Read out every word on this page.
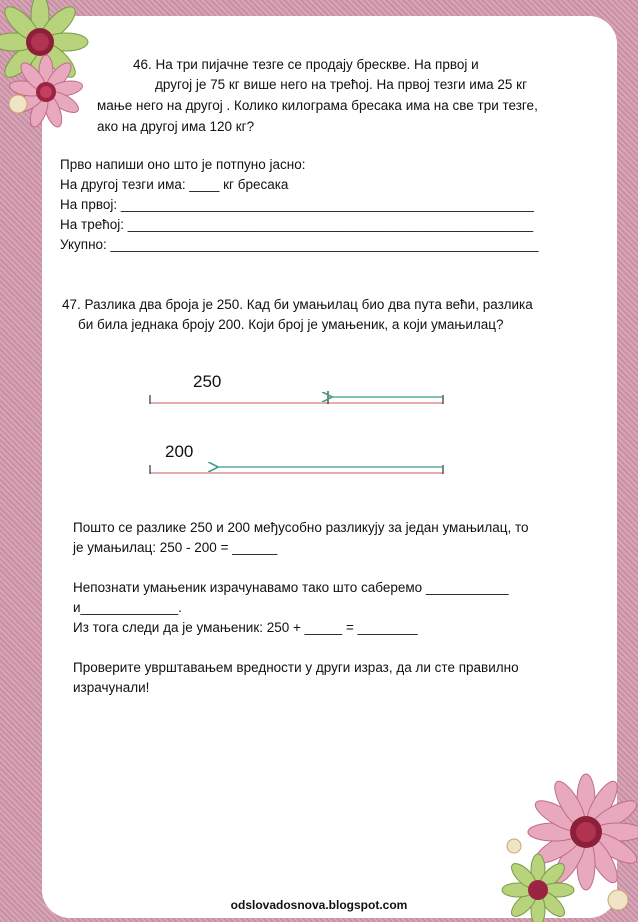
46. На три пијачне тезге се продају брескве. На првој и
другој је 75 кг више него на трећој. На првој тезги има 25 кг
мање него на другој . Колико килограма бресака има на све три тезге,
ако на другој има 120 кг?
Прво напиши оно што је потпуно јасно:
На другој тезги има: ____ кг бресака
На првој: _______________________________________________________
На трећој: ______________________________________________________
Укупно: _________________________________________________________
47. Разлика два броја је 250. Кад би умањилац био два пута већи, разлика
би била једнака броју 200. Који број је умањеник, а који умањилац?
250
200
Пошто се разлике 250 и 200 међусобно разликују за један умањилац, то
је умањилац: 250 - 200 = ______
Непознати умањеник израчунавамо тако што саберемо ___________
и_____________.
Из тога следи да је умањеник: 250 + _____ = ________
Проверите уврштавањем вредности у други израз, да ли сте правилно
израчунали!
odslovadosnova.blogspot.com
